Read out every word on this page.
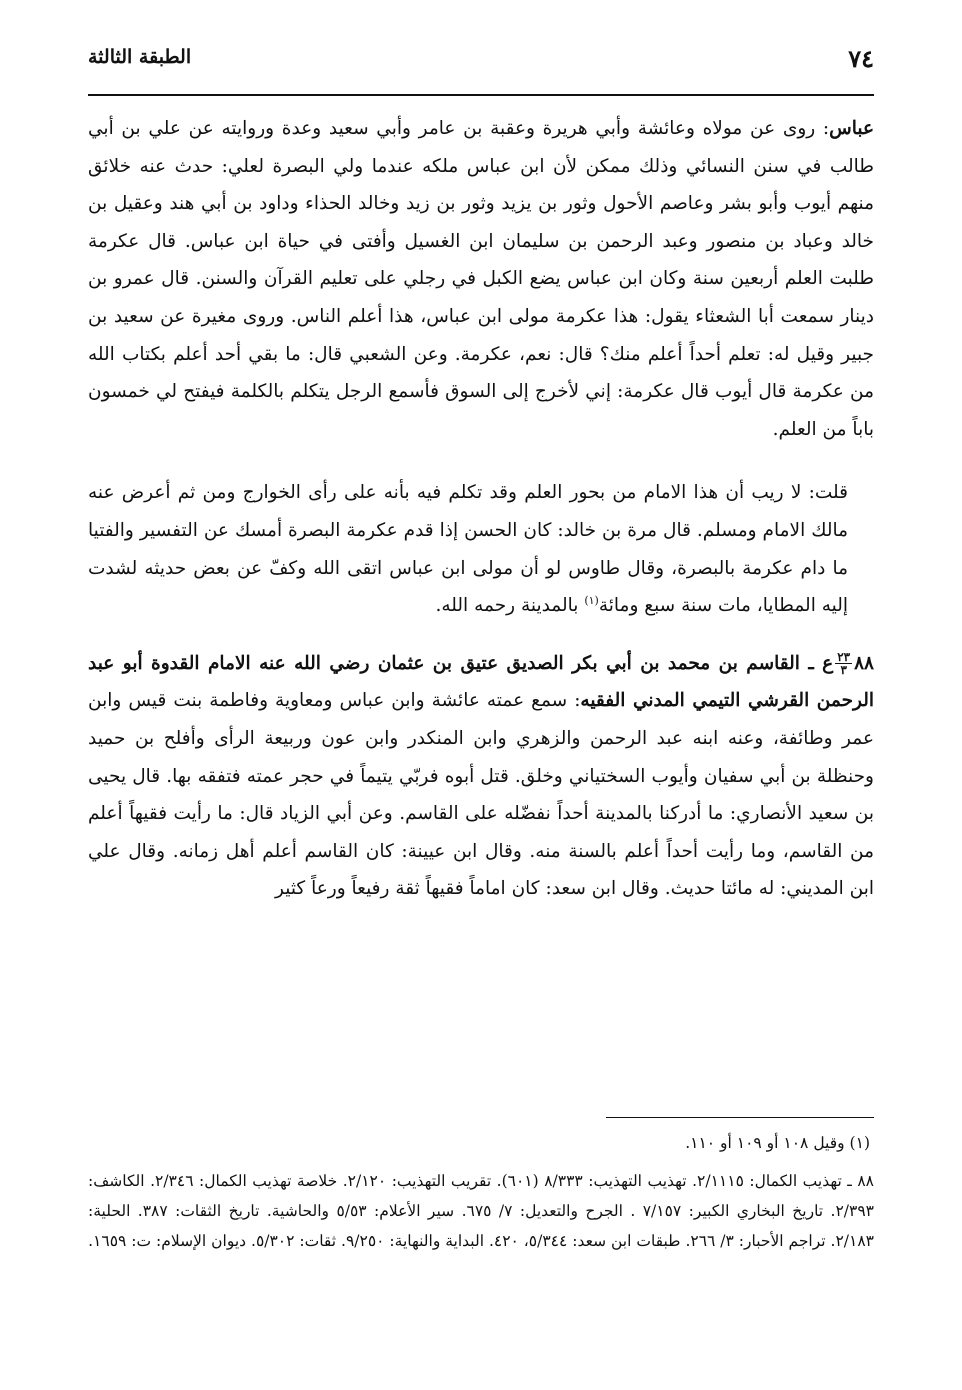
٧٤
الطبقة الثالثة

عباس: روى عن مولاه وعائشة وأبي هريرة وعقبة بن عامر وأبي سعيد وعدة وروايته عن علي بن أبي طالب في سنن النسائي وذلك ممكن لأن ابن عباس ملكه عندما ولي البصرة لعلي: حدث عنه خلائق منهم أيوب وأبو بشر وعاصم الأحول وثور بن يزيد وثور بن زيد وخالد الحذاء وداود بن أبي هند وعقيل بن خالد وعباد بن منصور وعبد الرحمن بن سليمان ابن الغسيل وأفتى في حياة ابن عباس. قال عكرمة طلبت العلم أربعين سنة وكان ابن عباس يضع الكبل في رجلي على تعليم القرآن والسنن. قال عمرو بن دينار سمعت أبا الشعثاء يقول: هذا عكرمة مولى ابن عباس، هذا أعلم الناس. وروى مغيرة عن سعيد بن جبير وقيل له: تعلم أحداً أعلم منك؟ قال: نعم، عكرمة. وعن الشعبي قال: ما بقي أحد أعلم بكتاب الله من عكرمة قال أيوب قال عكرمة: إني لأخرج إلى السوق فأسمع الرجل يتكلم بالكلمة فيفتح لي خمسون باباً من العلم.

قلت: لا ريب أن هذا الامام من بحور العلم وقد تكلم فيه بأنه على رأى الخوارج ومن ثم أعرض عنه مالك الامام ومسلم. قال مرة بن خالد: كان الحسن إذا قدم عكرمة البصرة أمسك عن التفسير والفتيا ما دام عكرمة بالبصرة، وقال طاوس لو أن مولى ابن عباس اتقى الله وكفّ عن بعض حديثه لشدت إليه المطايا، مات سنة سبع ومائة$^{(١)}$ بالمدينة رحمه الله.

٨٨
$\frac{٢٣}{٣}$
ع ـ القاسم بن محمد بن أبي بكر الصديق عتيق بن عثمان رضي الله عنه الامام القدوة أبو عبد الرحمن القرشي التيمي المدني الفقيه: سمع عمته عائشة وابن عباس ومعاوية وفاطمة بنت قيس وابن عمر وطائفة، وعنه ابنه عبد الرحمن والزهري وابن المنكدر وابن عون وربيعة الرأى وأفلح بن حميد وحنظلة بن أبي سفيان وأيوب السختياني وخلق. قتل أبوه فربّي يتيماً في حجر عمته فتفقه بها. قال يحيى بن سعيد الأنصاري: ما أدركنا بالمدينة أحداً نفضّله على القاسم. وعن أبي الزياد قال: ما رأيت فقيهاً أعلم من القاسم، وما رأيت أحداً أعلم بالسنة منه. وقال ابن عيينة: كان القاسم أعلم أهل زمانه. وقال علي ابن المديني: له مائتا حديث. وقال ابن سعد: كان اماماً فقيهاً ثقة رفيعاً ورعاً كثير

(١) وقيل ١٠٨ أو ١٠٩ أو ١١٠.

٨٨ ـ تهذيب الكمال: ٢/١١١٥. تهذيب التهذيب: ٨/٣٣٣ (٦٠١). تقريب التهذيب: ٢/١٢٠. خلاصة تهذيب الكمال: ٢/٣٤٦. الكاشف: ٢/٣٩٣. تاريخ البخاري الكبير: ٧/١٥٧ . الجرح والتعديل: ٧/ ٦٧٥. سير الأعلام: ٥/٥٣ والحاشية. تاريخ الثقات: ٣٨٧. الحلية: ٢/١٨٣. تراجم الأحبار: ٣/ ٢٦٦. طبقات ابن سعد: ٥/٣٤٤، ٤٢٠. البداية والنهاية: ٩/٢٥٠. ثقات: ٥/٣٠٢. ديوان الإسلام: ت: ١٦٥٩.
